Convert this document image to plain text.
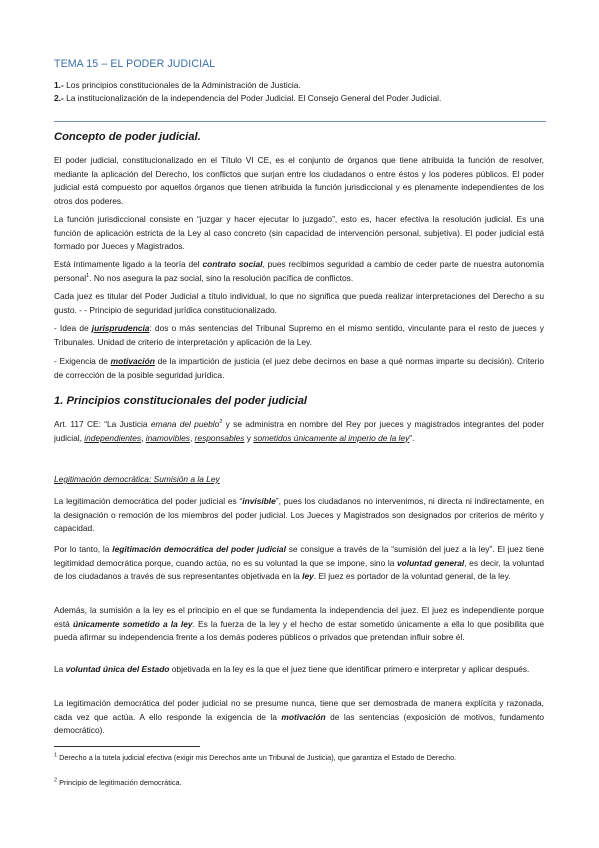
TEMA 15 – EL PODER JUDICIAL

1.- Los principios constitucionales de la Administración de Justicia.

2.- La institucionalización de la independencia del Poder Judicial. El Consejo General del Poder Judicial.

Concepto de poder judicial.

El poder judicial, constitucionalizado en el Título VI CE, es el conjunto de órganos que tiene atribuida la función de resolver, mediante la aplicación del Derecho, los conflictos que surjan entre los ciudadanos o entre éstos y los poderes públicos. El poder judicial está compuesto por aquellos órganos que tienen atribuida la función jurisdiccional y es plenamente independientes de los otros dos poderes.

La función jurisdiccional consiste en “juzgar y hacer ejecutar lo juzgado”, esto es, hacer efectiva la resolución judicial. Es una función de aplicación estricta de la Ley al caso concreto (sin capacidad de intervención personal, subjetiva). El poder judicial está formado por Jueces y Magistrados.

Está íntimamente ligado a la teoría del contrato social, pues recibimos seguridad a cambio de ceder parte de nuestra autonomía personal$^1$. No nos asegura la paz social, sino la resolución pacífica de conflictos.

Cada juez es titular del Poder Judicial a título individual, lo que no significa que pueda realizar interpretaciones del Derecho a su gusto. - - Principio de seguridad jurídica constitucionalizado.

- Idea de jurisprudencia: dos o más sentencias del Tribunal Supremo en el mismo sentido, vinculante para el resto de jueces y Tribunales. Unidad de criterio de interpretación y aplicación de la Ley.

- Exigencia de motivación de la impartición de justicia (el juez debe decirnos en base a qué normas imparte su decisión). Criterio de corrección de la posible seguridad jurídica.

1. Principios constitucionales del poder judicial

Art. 117 CE: “La Justicia emana del pueblo$^2$ y se administra en nombre del Rey por jueces y magistrados integrantes del poder judicial, independientes, inamovibles, responsables y sometidos únicamente al imperio de la ley”.

Legitimación democrática: Sumisión a la Ley

La legitimación democrática del poder judicial es “invisible”, pues los ciudadanos no intervenimos, ni directa ni indirectamente, en la designación o remoción de los miembros del poder judicial. Los Jueces y Magistrados son designados por criterios de mérito y capacidad.

Por lo tanto, la legitimación democrática del poder judicial se consigue a través de la “sumisión del juez a la ley”. El juez tiene legitimidad democrática porque, cuando actúa, no es su voluntad la que se impone, sino la voluntad general, es decir, la voluntad de los ciudadanos a través de sus representantes objetivada en la ley. El juez es portador de la voluntad general, de la ley.

Además, la sumisión a la ley es el principio en el que se fundamenta la independencia del juez. El juez es independiente porque está únicamente sometido a la ley. Es la fuerza de la ley y el hecho de estar sometido únicamente a ella lo que posibilita que pueda afirmar su independencia frente a los demás poderes públicos o privados que pretendan influir sobre él.

La voluntad única del Estado objetivada en la ley es la que el juez tiene que identificar primero e interpretar y aplicar después.

La legitimación democrática del poder judicial no se presume nunca, tiene que ser demostrada de manera explícita y razonada, cada vez que actúa. A ello responde la exigencia de la motivación de las sentencias (exposición de motivos, fundamento democrático).

$^1$ Derecho a la tutela judicial efectiva (exigir mis Derechos ante un Tribunal de Justicia), que garantiza el Estado de Derecho.

$^2$ Principio de legitimación democrática.
